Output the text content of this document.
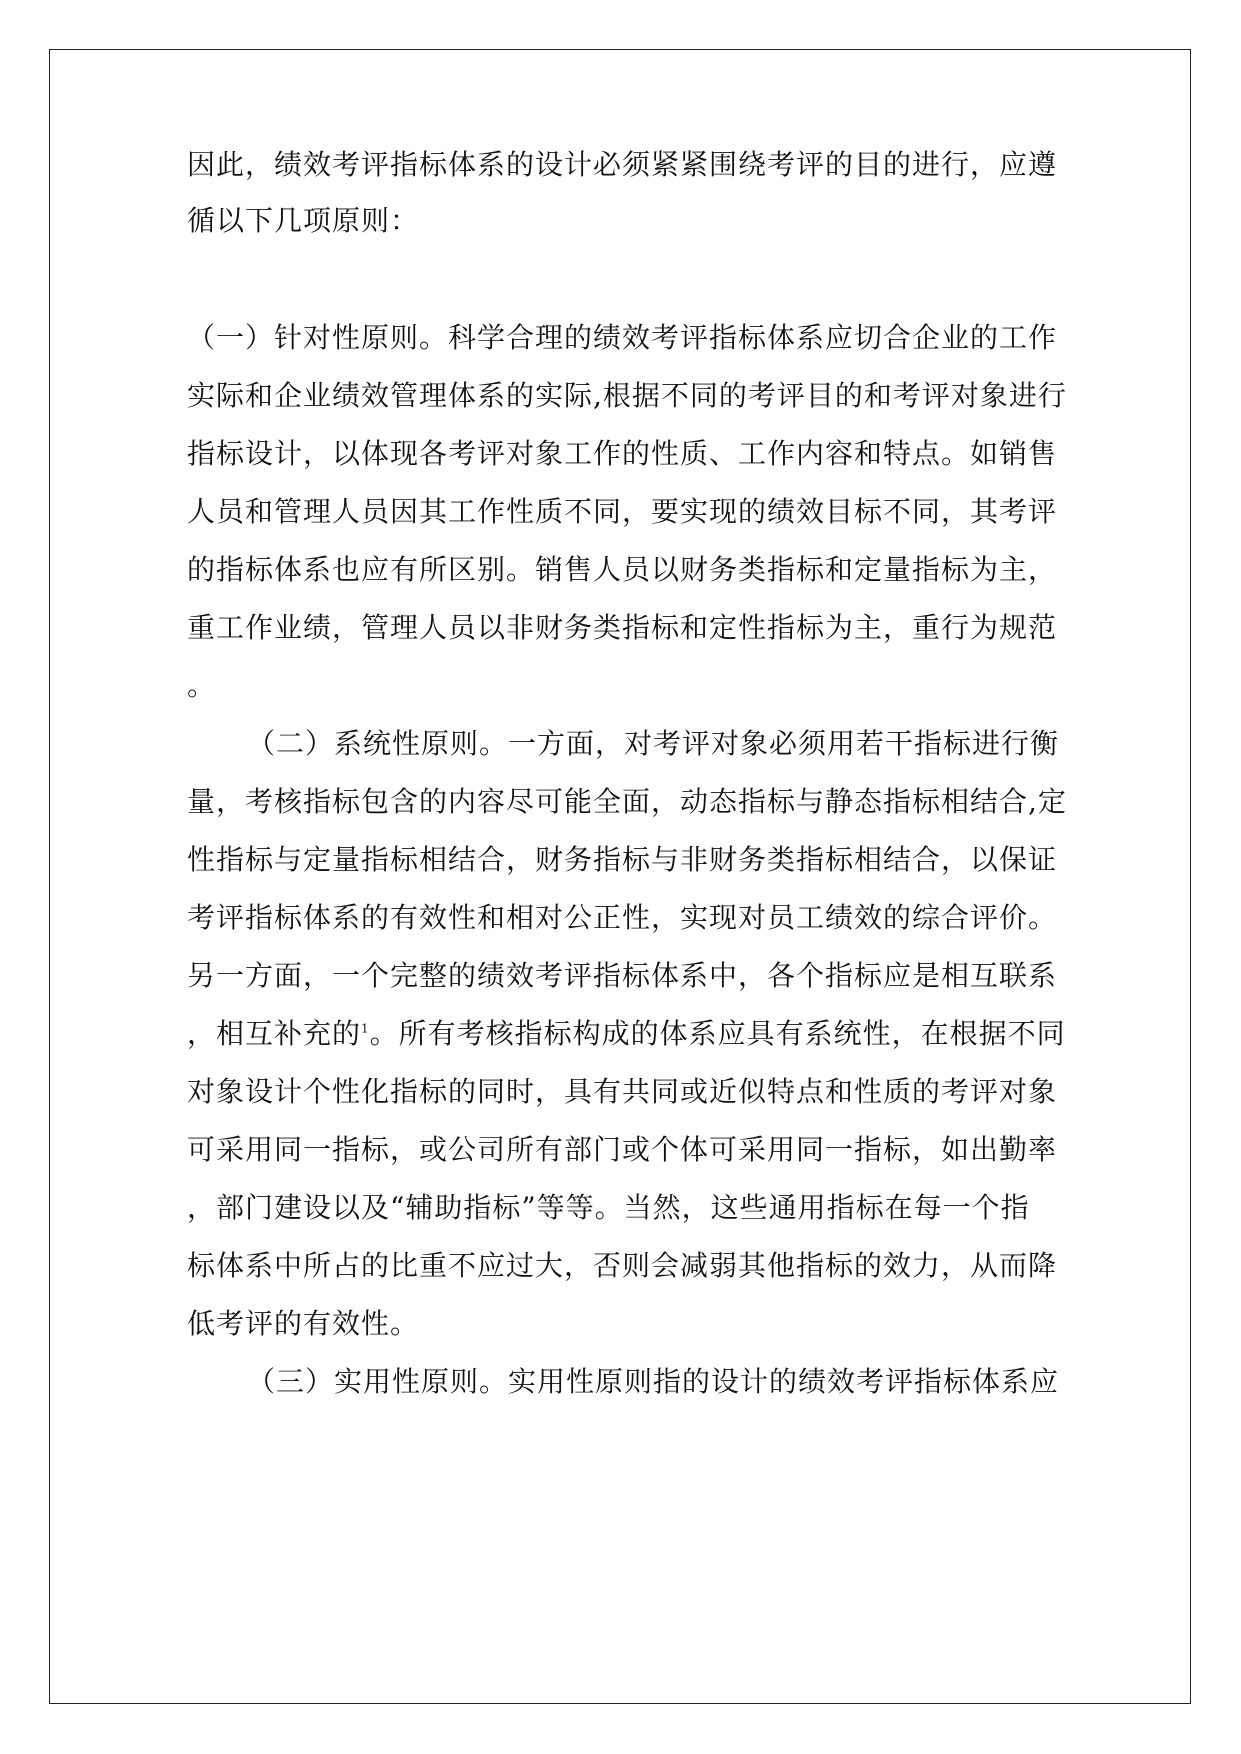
因此，绩效考评指标体系的设计必须紧紧围绕考评的目的进行，应遵
循以下几项原则：
（一）针对性原则。科学合理的绩效考评指标体系应切合企业的工作
实际和企业绩效管理体系的实际,根据不同的考评目的和考评对象进行
指标设计，以体现各考评对象工作的性质、工作内容和特点。如销售
人员和管理人员因其工作性质不同，要实现的绩效目标不同，其考评
的指标体系也应有所区别。销售人员以财务类指标和定量指标为主，
重工作业绩，管理人员以非财务类指标和定性指标为主，重行为规范
。
（二）系统性原则。一方面，对考评对象必须用若干指标进行衡
量，考核指标包含的内容尽可能全面，动态指标与静态指标相结合,定
性指标与定量指标相结合，财务指标与非财务类指标相结合，以保证
考评指标体系的有效性和相对公正性，实现对员工绩效的综合评价。
另一方面，一个完整的绩效考评指标体系中，各个指标应是相互联系
，相互补充的$^1$。所有考核指标构成的体系应具有系统性，在根据不同
对象设计个性化指标的同时，具有共同或近似特点和性质的考评对象
可采用同一指标，或公司所有部门或个体可采用同一指标，如出勤率
，部门建设以及“辅助指标”等等。当然，这些通用指标在每一个指
标体系中所占的比重不应过大，否则会减弱其他指标的效力，从而降
低考评的有效性。
（三）实用性原则。实用性原则指的设计的绩效考评指标体系应
